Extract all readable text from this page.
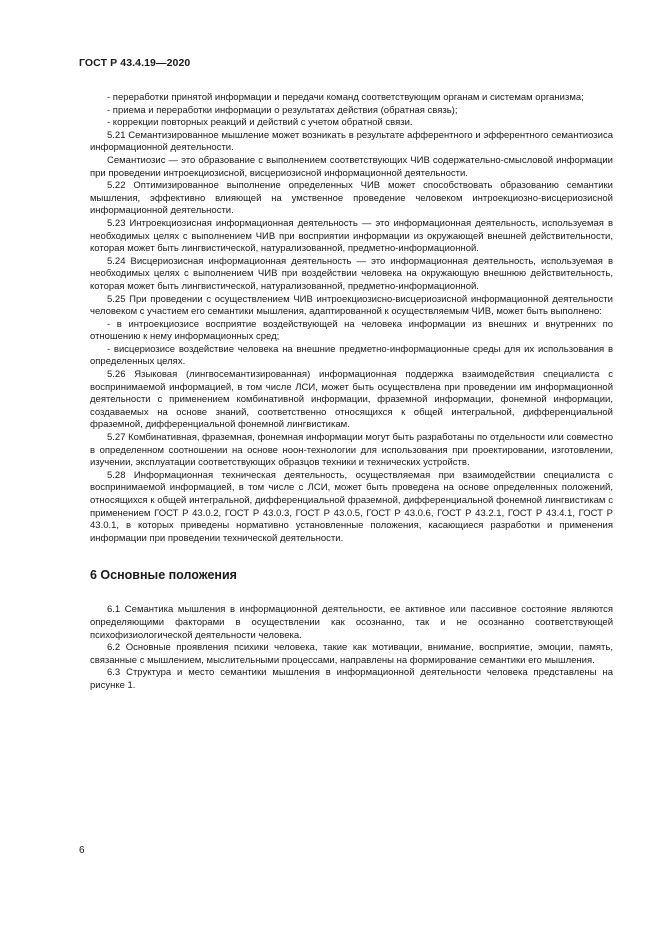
ГОСТ Р 43.4.19—2020

- переработки принятой информации и передачи команд соответствующим органам и системам организма;

- приема и переработки информации о результатах действия (обратная связь);

- коррекции повторных реакций и действий с учетом обратной связи.

5.21 Семантизированное мышление может возникать в результате афферентного и эфферентного семантиозиса информационной деятельности.

Семантиозис — это образование с выполнением соответствующих ЧИВ содержательно-смысловой информации при проведении интроекциозисной, висцериозисной информационной деятельности.

5.22 Оптимизированное выполнение определенных ЧИВ может способствовать образованию семантики мышления, эффективно влияющей на умственное проведение человеком интроекциозно-висцериозисной информационной деятельности.

5.23 Интроекциозисная информационная деятельность — это информационная деятельность, используемая в необходимых целях с выполнением ЧИВ при восприятии информации из окружающей внешней действительности, которая может быть лингвистической, натурализованной, предметно-информационной.

5.24 Висцериозисная информационная деятельность — это информационная деятельность, используемая в необходимых целях с выполнением ЧИВ при воздействии человека на окружающую внешнюю действительность, которая может быть лингвистической, натурализованной, предметно-информационной.

5.25 При проведении с осуществлением ЧИВ интроекциозисно-висцериозисной информационной деятельности человеком с участием его семантики мышления, адаптированной к осуществляемым ЧИВ, может быть выполнено:

- в интроекциозисе восприятие воздействующей на человека информации из внешних и внутренних по отношению к нему информационных сред;

- висцериозисе воздействие человека на внешние предметно-информационные среды для их использования в определенных целях.

5.26 Языковая (лингвосемантизированная) информационная поддержка взаимодействия специалиста с воспринимаемой информацией, в том числе ЛСИ, может быть осуществлена при проведении им информационной деятельности с применением комбинативной информации, фраземной информации, фонемной информации, создаваемых на основе знаний, соответственно относящихся к общей интегральной, дифференциальной фраземной, дифференциальной фонемной лингвистикам.

5.27 Комбинативная, фраземная, фонемная информации могут быть разработаны по отдельности или совместно в определенном соотношении на основе ноон-технологии для использования при проектировании, изготовлении, изучении, эксплуатации соответствующих образцов техники и технических устройств.

5.28 Информационная техническая деятельность, осуществляемая при взаимодействии специалиста с воспринимаемой информацией, в том числе с ЛСИ, может быть проведена на основе определенных положений, относящихся к общей интегральной, дифференциальной фраземной, дифференциальной фонемной лингвистикам с применением ГОСТ Р 43.0.2, ГОСТ Р 43.0.3, ГОСТ Р 43.0.5, ГОСТ Р 43.0.6, ГОСТ Р 43.2.1, ГОСТ Р 43.4.1, ГОСТ Р 43.0.1, в которых приведены нормативно установленные положения, касающиеся разработки и применения информации при проведении технической деятельности.

6 Основные положения

6.1 Семантика мышления в информационной деятельности, ее активное или пассивное состояние являются определяющими факторами в осуществлении как осознанно, так и не осознанно соответствующей психофизиологической деятельности человека.

6.2 Основные проявления психики человека, такие как мотивации, внимание, восприятие, эмоции, память, связанные с мышлением, мыслительными процессами, направлены на формирование семантики его мышления.

6.3 Структура и место семантики мышления в информационной деятельности человека представлены на рисунке 1.

6
